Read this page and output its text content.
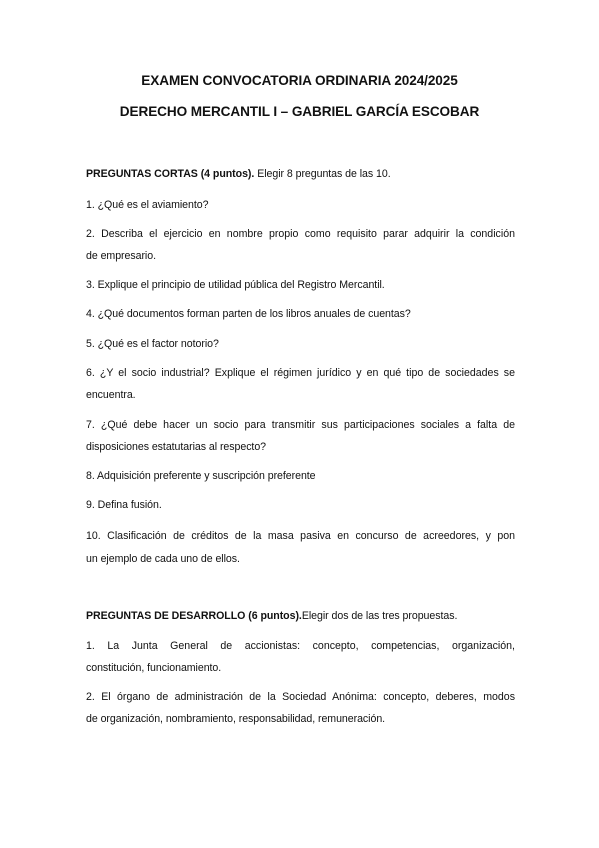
EXAMEN CONVOCATORIA ORDINARIA 2024/2025
DERECHO MERCANTIL I – GABRIEL GARCÍA ESCOBAR
PREGUNTAS CORTAS (4 puntos). Elegir 8 preguntas de las 10.
1. ¿Qué es el aviamiento?
2. Describa el ejercicio en nombre propio como requisito parar adquirir la condición
de empresario.
3. Explique el principio de utilidad pública del Registro Mercantil.
4. ¿Qué documentos forman parten de los libros anuales de cuentas?
5. ¿Qué es el factor notorio?
6. ¿Y el socio industrial? Explique el régimen jurídico y en qué tipo de sociedades se
encuentra.
7. ¿Qué debe hacer un socio para transmitir sus participaciones sociales a falta de
disposiciones estatutarias al respecto?
8. Adquisición preferente y suscripción preferente
9. Defina fusión.
10. Clasificación de créditos de la masa pasiva en concurso de acreedores, y pon
un ejemplo de cada uno de ellos.
PREGUNTAS DE DESARROLLO (6 puntos).Elegir dos de las tres propuestas.
1. La Junta General de accionistas: concepto, competencias, organización,
constitución, funcionamiento.
2. El órgano de administración de la Sociedad Anónima: concepto, deberes, modos
de organización, nombramiento, responsabilidad, remuneración.
